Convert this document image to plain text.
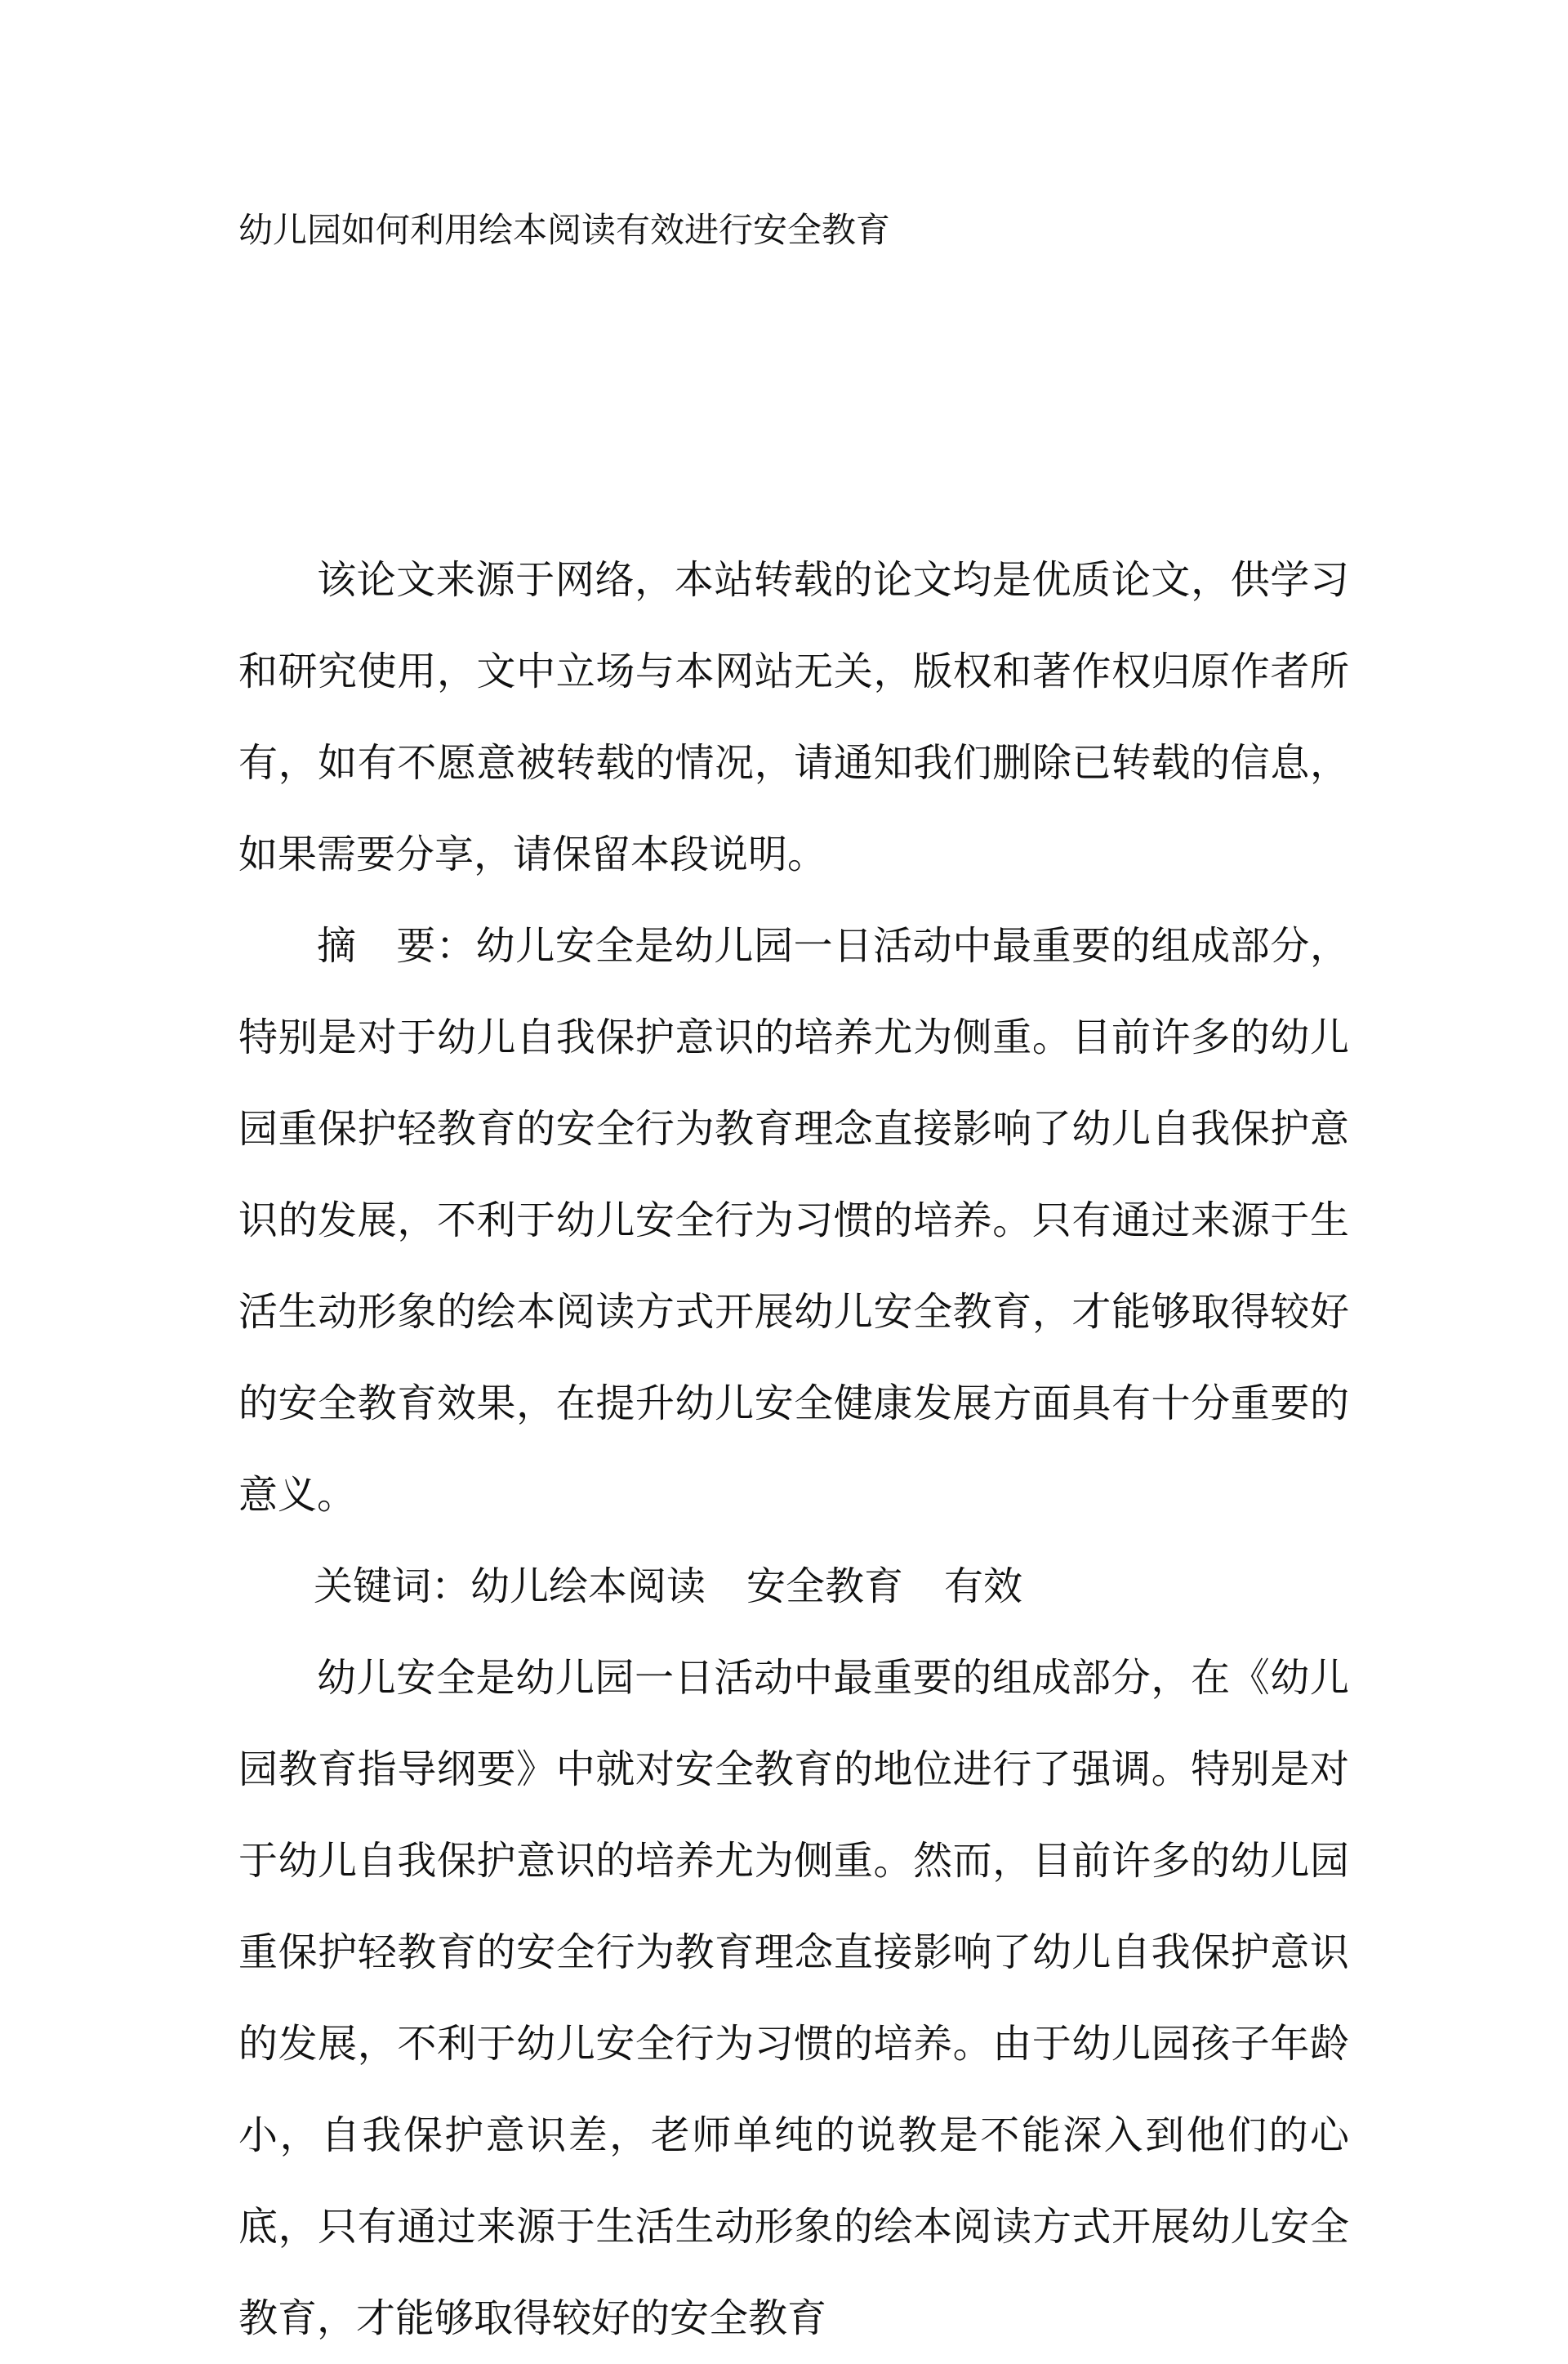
幼儿园如何利用绘本阅读有效进行安全教育

该论文来源于网络，本站转载的论文均是优质论文，供学习和研究使用，文中立场与本网站无关，版权和著作权归原作者所有，如有不愿意被转载的情况，请通知我们删除已转载的信息，如果需要分享，请保留本段说明。

摘　要：幼儿安全是幼儿园一日活动中最重要的组成部分，特别是对于幼儿自我保护意识的培养尤为侧重。目前许多的幼儿园重保护轻教育的安全行为教育理念直接影响了幼儿自我保护意识的发展，不利于幼儿安全行为习惯的培养。只有通过来源于生活生动形象的绘本阅读方式开展幼儿安全教育，才能够取得较好的安全教育效果，在提升幼儿安全健康发展方面具有十分重要的意义。

关键词：幼儿绘本阅读 安全教育 有效

幼儿安全是幼儿园一日活动中最重要的组成部分，在《幼儿园教育指导纲要》中就对安全教育的地位进行了强调。特别是对于幼儿自我保护意识的培养尤为侧重。然而，目前许多的幼儿园重保护轻教育的安全行为教育理念直接影响了幼儿自我保护意识的发展，不利于幼儿安全行为习惯的培养。由于幼儿园孩子年龄小，自我保护意识差，老师单纯的说教是不能深入到他们的心底，只有通过来源于生活生动形象的绘本阅读方式开展幼儿安全教育，才能够取得较好的安全教育
